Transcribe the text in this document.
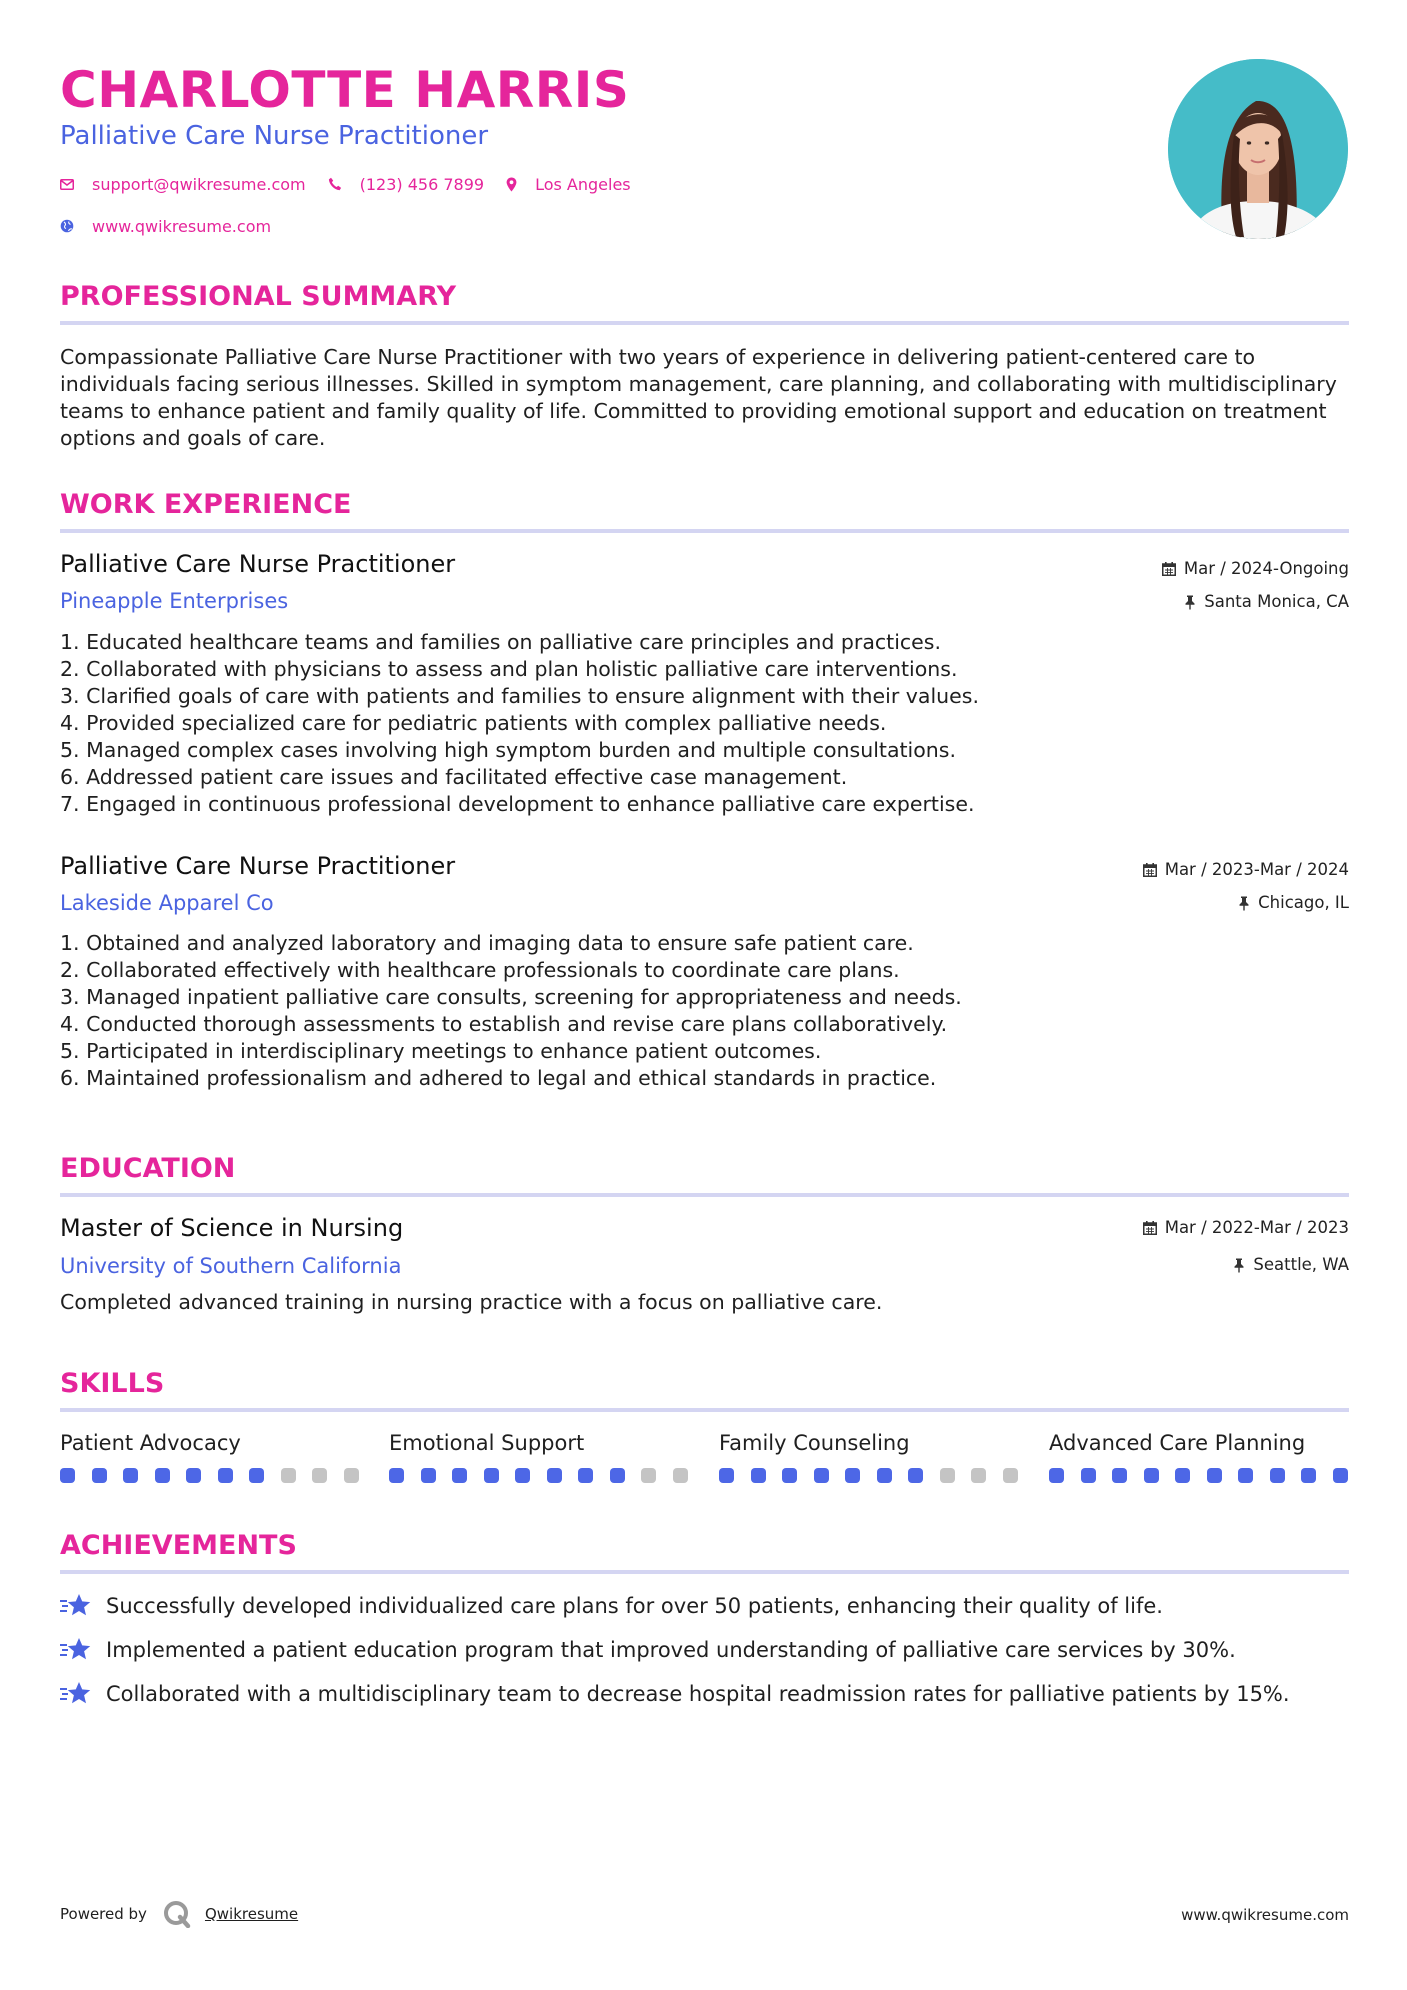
CHARLOTTE HARRIS
Palliative Care Nurse Practitioner
support@qwikresume.com	(123) 456 7899	Los Angeles
www.qwikresume.com
PROFESSIONAL SUMMARY
Compassionate Palliative Care Nurse Practitioner with two years of experience in delivering patient-centered care to individuals facing serious illnesses. Skilled in symptom management, care planning, and collaborating with multidisciplinary teams to enhance patient and family quality of life. Committed to providing emotional support and education on treatment options and goals of care.
WORK EXPERIENCE
Palliative Care Nurse Practitioner
Pineapple Enterprises
Mar / 2024-Ongoing
Santa Monica, CA
1. Educated healthcare teams and families on palliative care principles and practices.
2. Collaborated with physicians to assess and plan holistic palliative care interventions.
3. Clarified goals of care with patients and families to ensure alignment with their values.
4. Provided specialized care for pediatric patients with complex palliative needs.
5. Managed complex cases involving high symptom burden and multiple consultations.
6. Addressed patient care issues and facilitated effective case management.
7. Engaged in continuous professional development to enhance palliative care expertise.
Palliative Care Nurse Practitioner
Lakeside Apparel Co
Mar / 2023-Mar / 2024
Chicago, IL
1. Obtained and analyzed laboratory and imaging data to ensure safe patient care.
2. Collaborated effectively with healthcare professionals to coordinate care plans.
3. Managed inpatient palliative care consults, screening for appropriateness and needs.
4. Conducted thorough assessments to establish and revise care plans collaboratively.
5. Participated in interdisciplinary meetings to enhance patient outcomes.
6. Maintained professionalism and adhered to legal and ethical standards in practice.
EDUCATION
Master of Science in Nursing
University of Southern California
Mar / 2022-Mar / 2023
Seattle, WA
Completed advanced training in nursing practice with a focus on palliative care.
SKILLS
Patient Advocacy	Emotional Support	Family Counseling	Advanced Care Planning
ACHIEVEMENTS
Successfully developed individualized care plans for over 50 patients, enhancing their quality of life.
Implemented a patient education program that improved understanding of palliative care services by 30%.
Collaborated with a multidisciplinary team to decrease hospital readmission rates for palliative patients by 15%.
Powered by	Qwikresume	www.qwikresume.com
